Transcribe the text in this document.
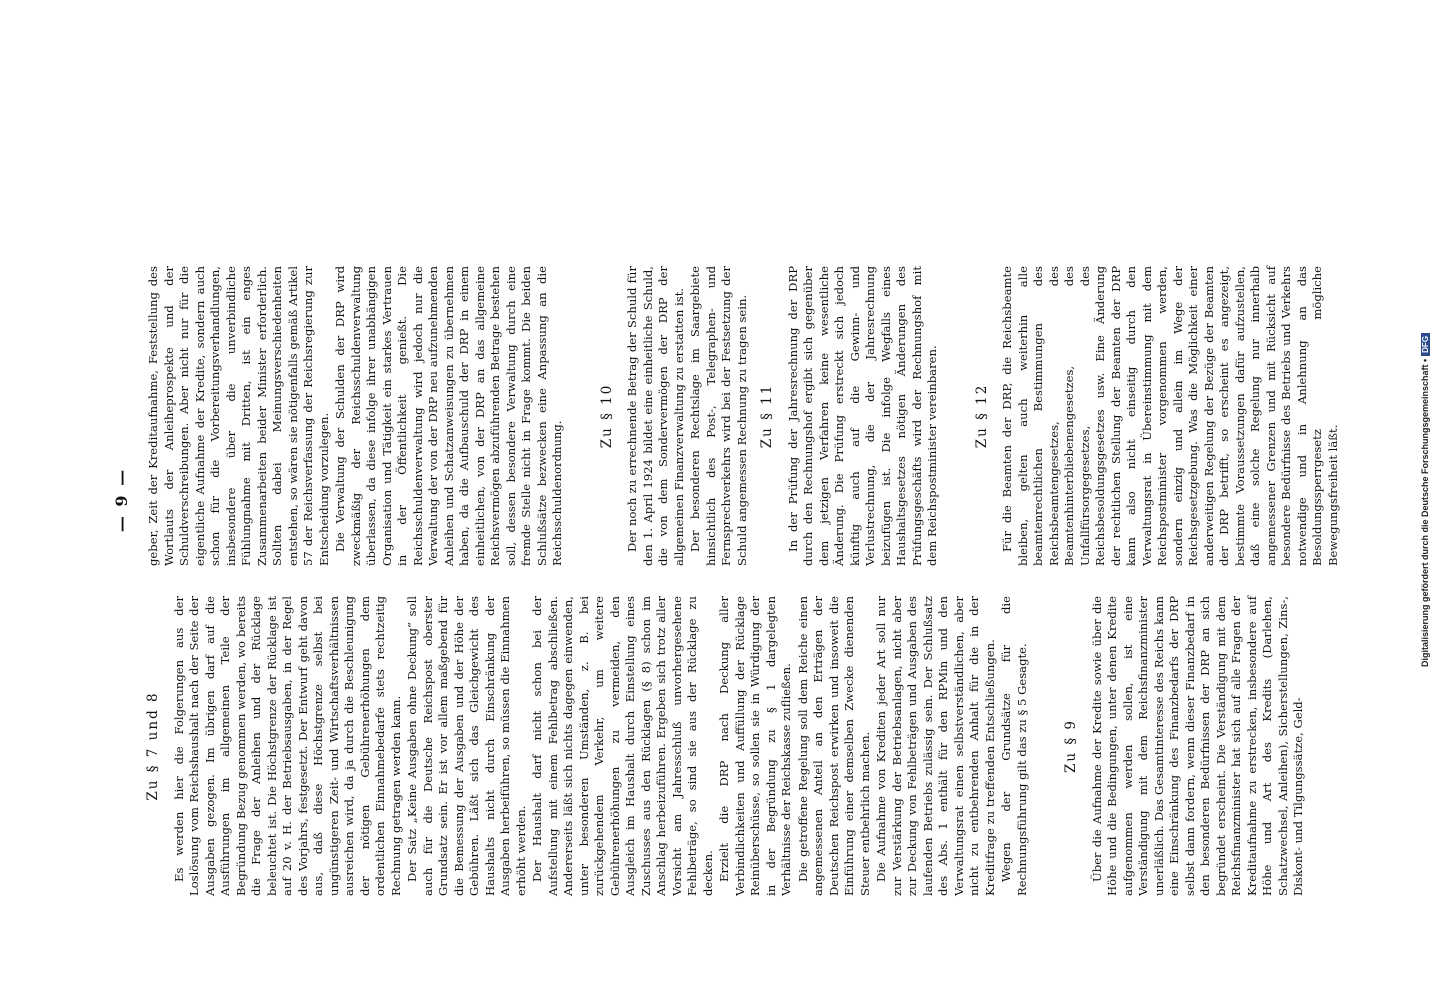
— 9 —
Zu § 7 und 8 Es werden hier die Folgerungen aus der Loslösung vom Reichshaushalt nach der Seite der Ausgaben gezogen. Im übrigen darf auf die Ausführungen im allgemeinen Teile der Begründung Bezug genommen werden, wo bereits die Frage der Anleihen und der Rücklage beleuchtet ist. Die Höchstgrenze der Rücklage ist auf 20 v. H. der Betriebsausgaben, in der Regel des Vorjahrs, festgesetzt. Der Entwurf geht davon aus, daß diese Höchstgrenze selbst bei ungünstigeren Zeit- und Wirtschaftsverhältnissen ausreichen wird, da ja durch die Beschleunigung der nötigen Gebührenerhöhungen dem ordentlichen Einnahmebedarfe stets rechtzeitig Rechnung getragen werden kann. Der Satz „Keine Ausgaben ohne Deckung“ soll auch für die Deutsche Reichspost oberster Grundsatz sein. Er ist vor allem maßgebend für die Bemessung der Ausgaben und der Höhe der Gebühren. Läßt sich das Gleichgewicht des Haushalts nicht durch Einschränkung der Ausgaben herbeiführen, so müssen die Einnahmen erhöht werden. Der Haushalt darf nicht schon bei der Aufstellung mit einem Fehlbetrag abschließen. Andererseits läßt sich nichts dagegen einwenden, unter besonderen Umständen, z. B. bei zurückgehendem Verkehr, um weitere Gebührenerhöhungen zu vermeiden, den Ausgleich im Haushalt durch Einstellung eines Zuschusses aus den Rücklagen (§ 8) schon im Anschlag herbeizuführen. Ergeben sich trotz aller Vorsicht am Jahresschluß unvorhergesehene Fehlbeträge, so sind sie aus der Rücklage zu decken. Erzielt die DRP nach Deckung aller Verbindlichkeiten und Auffüllung der Rücklage Reinüberschüsse, so sollen sie in Würdigung der in der Begründung zu § 1 dargelegten Verhältnisse der Reichskasse zufließen. Die getroffene Regelung soll dem Reiche einen angemessenen Anteil an den Erträgen der Deutschen Reichspost erwirken und insoweit die Einführung einer demselben Zwecke dienenden Steuer entbehrlich machen. Die Aufnahme von Krediten jeder Art soll nur zur Verstärkung der Betriebsanlagen, nicht aber zur Deckung von Fehlbeträgen und Ausgaben des laufenden Betriebs zulässig sein. Der Schlußsatz des Abs. 1 enthält für den RPMin und den Verwaltungsrat einen selbstverständlichen, aber nicht zu entbehrenden Anhalt für die in der Kreditfrage zu treffenden Entschließungen. Wegen der Grundsätze für die Rechnungsführung gilt das zu § 5 Gesagte.	Zu § 9 Über die Aufnahme der Kredite sowie über die Höhe und die Bedingungen, unter denen Kredite aufgenommen werden sollen, ist eine Verständigung mit dem Reichsfinanzminister unerläßlich. Das Gesamtinteresse des Reichs kann eine Einschränkung des Finanzbedarfs der DRP selbst dann fordern, wenn dieser Finanzbedarf in den besonderen Bedürfnissen der DRP an sich begründet erscheint. Die Verständigung mit dem Reichsfinanzminister hat sich auf alle Fragen der Kreditaufnahme zu erstrecken, insbesondere auf Höhe und Art des Kredits (Darlehen, Schatzwechsel, Anleihen), Sicherstellungen, Zins-, Diskont- und Tilgungssätze, Geld-

geber, Zeit der Kreditaufnahme, Feststellung des Wortlauts der Anleiheprospekte und der Schuldverschreibungen. Aber nicht nur für die eigentliche Aufnahme der Kredite, sondern auch schon für die Vorbereitungsverhandlungen, insbesondere über die unverbindliche Fühlungnahme mit Dritten, ist ein enges Zusammenarbeiten beider Minister erforderlich. Sollten dabei Meinungsverschiedenheiten entstehen, so wären sie nötigenfalls gemäß Artikel 57 der Reichsverfassung der Reichsregierung zur Entscheidung vorzulegen. Die Verwaltung der Schulden der DRP wird zweckmäßig der Reichsschuldenverwaltung überlassen, da diese infolge ihrer unabhängigen Organisation und Tätigkeit ein starkes Vertrauen in der Öffentlichkeit genießt. Die Reichsschuldenverwaltung wird jedoch nur die Verwaltung der von der DRP neu aufzunehmenden Anleihen und Schatzanweisungen zu übernehmen haben, da die Aufbauschuld der DRP in einem einheitlichen, von der DRP an das allgemeine Reichsvermögen abzuführenden Betrage bestehen soll, dessen besondere Verwaltung durch eine fremde Stelle nicht in Frage kommt. Die beiden Schlußsätze bezwecken eine Anpassung an die Reichsschuldenordnung.

Zu § 10 Der noch zu errechnende Betrag der Schuld für den 1. April 1924 bildet eine einheitliche Schuld, die von dem Sondervermögen der DRP der allgemeinen Finanzverwaltung zu erstatten ist. Der besonderen Rechtslage im Saargebiete hinsichtlich des Post-, Telegraphen- und Fernsprechverkehrs wird bei der Festsetzung der Schuld angemessen Rechnung zu tragen sein. Zu § 11 In der Prüfung der Jahresrechnung der DRP durch den Rechnungshof ergibt sich gegenüber dem jetzigen Verfahren keine wesentliche Änderung. Die Prüfung erstreckt sich jedoch künftig auch auf die Gewinn- und Verlustrechnung, die der Jahresrechnung beizufügen ist. Die infolge Wegfalls eines Haushaltsgesetzes nötigen Änderungen des Prüfungsgeschäfts wird der Rechnungshof mit dem Reichspostminister vereinbaren.	Zu § 12 Für die Beamten der DRP, die Reichsbeamte bleiben, gelten auch weiterhin alle beamtenrechtlichen Bestimmungen des Reichsbeamtengesetzes, des Beamtenhinterbliebenengesetzes, des Unfallfürsorgegesetzes, des Reichsbesoldungsgesetzes usw. Eine Änderung der rechtlichen Stellung der Beamten der DRP kann also nicht einseitig durch den Verwaltungsrat in Übereinstimmung mit dem Reichspostminister vorgenommen werden, sondern einzig und allein im Wege der Reichsgesetzgebung. Was die Möglichkeit einer anderweitigen Regelung der Bezüge der Beamten der DRP betrifft, so erscheint es angezeigt, bestimmte Voraussetzungen dafür aufzustellen, daß eine solche Regelung nur innerhalb angemessener Grenzen und mit Rücksicht auf besondere Bedürfnisse des Betriebs und Verkehrs notwendige und in Anlehnung an das Besoldungssperrgesetz mögliche Bewegungsfreiheit läßt.	Digitalisierung gefördert durch die Deutsche Forschungsgemeinschaft •DFG
